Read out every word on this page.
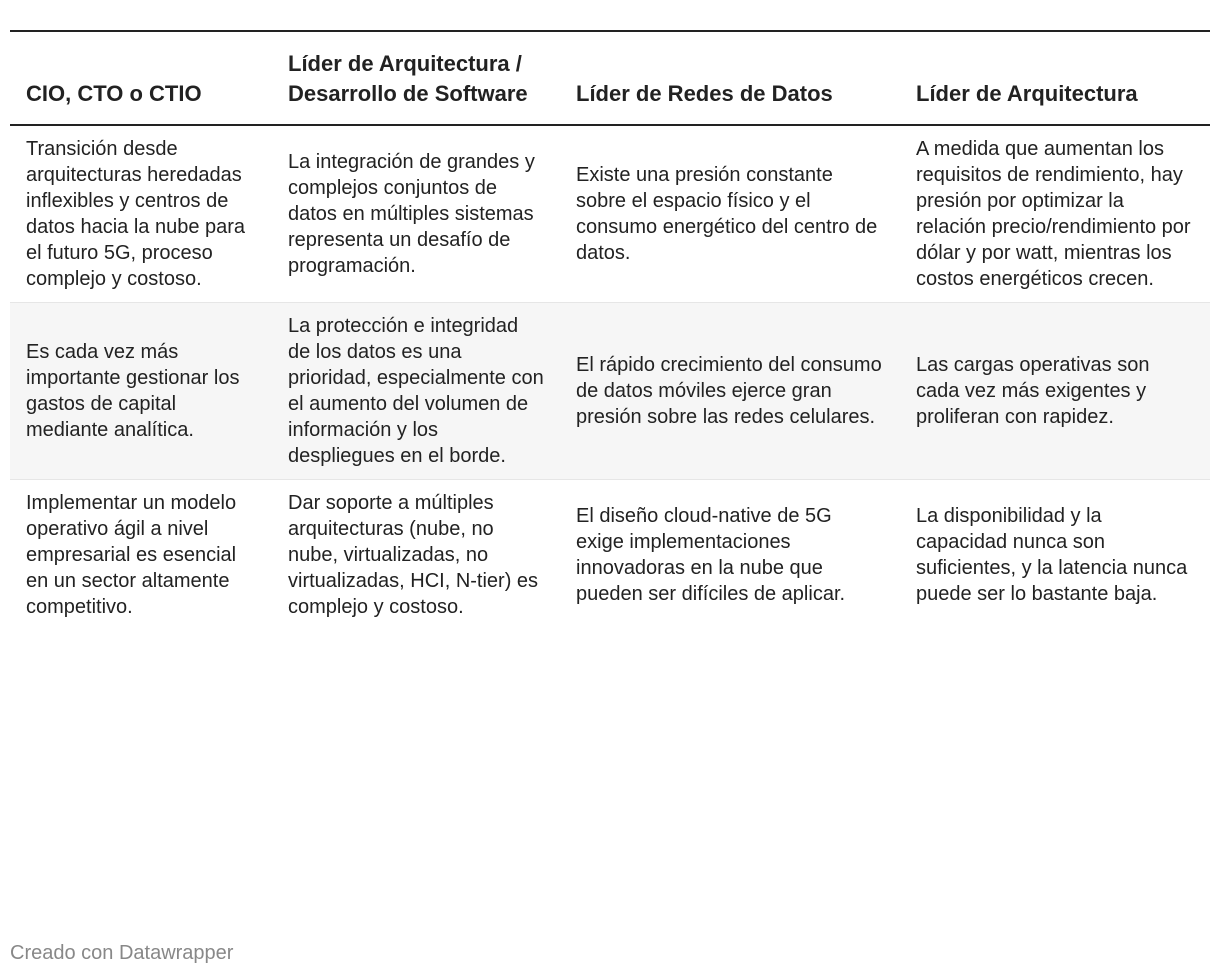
CIO, CTO o CTIO	Líder de Arquitectura / Desarrollo de Software	Líder de Redes de Datos	Líder de Arquitectura
Transición desde arquitecturas heredadas inflexibles y centros de datos hacia la nube para el futuro 5G, proceso complejo y costoso.	La integración de grandes y complejos conjuntos de datos en múltiples sistemas representa un desafío de programación.	Existe una presión constante sobre el espacio físico y el consumo energético del centro de datos.	A medida que aumentan los requisitos de rendimiento, hay presión por optimizar la relación precio/rendimiento por dólar y por watt, mientras los costos energéticos crecen.
Es cada vez más importante gestionar los gastos de capital mediante analítica.	La protección e integridad de los datos es una prioridad, especialmente con el aumento del volumen de información y los despliegues en el borde.	El rápido crecimiento del consumo de datos móviles ejerce gran presión sobre las redes celulares.	Las cargas operativas son cada vez más exigentes y proliferan con rapidez.
Implementar un modelo operativo ágil a nivel empresarial es esencial en un sector altamente competitivo.	Dar soporte a múltiples arquitecturas (nube, no nube, virtualizadas, no virtualizadas, HCI, N-tier) es complejo y costoso.	El diseño cloud-native de 5G exige implementaciones innovadoras en la nube que pueden ser difíciles de aplicar.	La disponibilidad y la capacidad nunca son suficientes, y la latencia nunca puede ser lo bastante baja.
Creado con Datawrapper
